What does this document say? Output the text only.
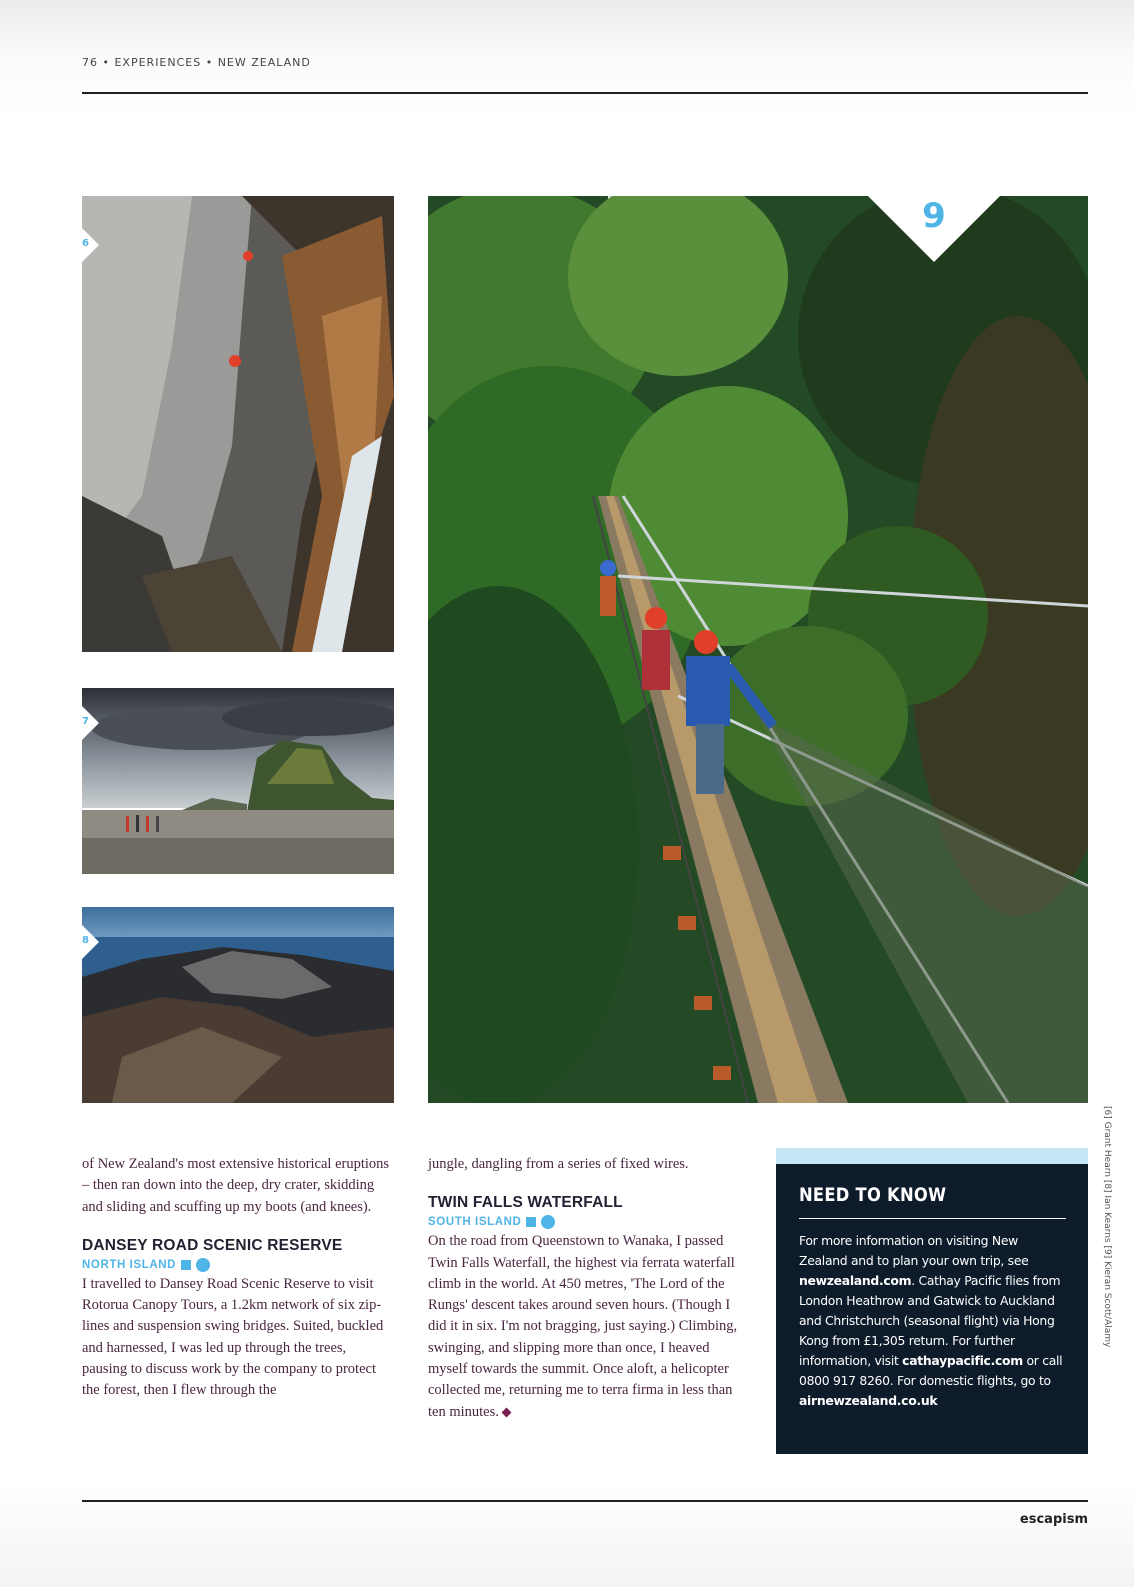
76 • EXPERIENCES • NEW ZEALAND
6
7
8
9

of New Zealand's most extensive historical eruptions – then ran down into the deep, dry crater, skidding and sliding and scuffing up my boots (and knees).

DANSEY ROAD SCENIC RESERVE
NORTH ISLAND

I travelled to Dansey Road Scenic Reserve to visit Rotorua Canopy Tours, a 1.2km network of six zip-lines and suspension swing bridges. Suited, buckled and harnessed, I was led up through the trees, pausing to discuss work by the company to protect the forest, then I flew through the

jungle, dangling from a series of fixed wires.

TWIN FALLS WATERFALL
SOUTH ISLAND

On the road from Queenstown to Wanaka, I passed Twin Falls Waterfall, the highest via ferrata waterfall climb in the world. At 450 metres, 'The Lord of the Rungs' descent takes around seven hours. (Though I did it in six. I'm not bragging, just saying.) Climbing, swinging, and slipping more than once, I heaved myself towards the summit. Once aloft, a helicopter collected me, returning me to terra firma in less than ten minutes.

NEED TO KNOW
For more information on visiting New Zealand and to plan your own trip, see newzealand.com. Cathay Pacific flies from London Heathrow and Gatwick to Auckland and Christchurch (seasonal flight) via Hong Kong from £1,305 return. For further information, visit cathaypacific.com or call 0800 917 8260. For domestic flights, go to airnewzealand.co.uk
[6] Grant Hearn [8] Ian Kearns [9] Kieran Scott/Alamy
escapism
